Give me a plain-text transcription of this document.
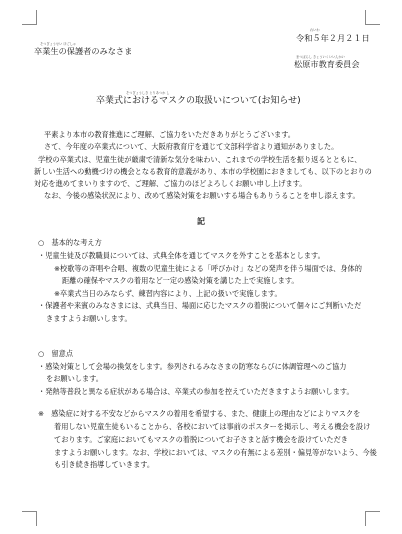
れいわ
令和５年２月２１日
そつぎょうせい ほごしゃ
卒業生の保護者のみなさま
まつばらし きょういくいいんかい
松原市教育委員会
そつぎょうしき とりあつか し
卒業式におけるマスクの取扱いについて(お知らせ)
平素より本市の教育推進にご理解、ご協力をいただきありがとうございます。
さて、今年度の卒業式について、大阪府教育庁を通じて文部科学省より通知がありました。
学校の卒業式は、児童生徒が厳粛で清新な気分を味わい、これまでの学校生活を振り返るとともに、
新しい生活への動機づけの機会となる教育的意義があり、本市の学校園におきましても、以下のとおりの
対応を進めてまいりますので、ご理解、ご協力のほどよろしくお願い申し上げます。
なお、今後の感染状況により、改めて感染対策をお願いする場合もありうることを申し添えます。
記
○　基本的な考え方
・児童生徒及び教職員については、式典全体を通じてマスクを外すことを基本とします。
※校歌等の斉唱や合唱、複数の児童生徒による「呼びかけ」などの発声を伴う場面では、身体的
距離の確保やマスクの着用など一定の感染対策を講じた上で実施します。
※卒業式当日のみならず、練習内容により、上記の扱いで実施します。
・保護者や来賓のみなさまには、式典当日、場面に応じたマスクの着脱について個々にご判断いただ
きますようお願いします。
○　留意点
・感染対策として会場の換気をします。参列されるみなさまの防寒ならびに体調管理へのご協力
をお願いします。
・発熱等普段と異なる症状がある場合は、卒業式の参加を控えていただきますようお願いします。
※　感染症に対する不安などからマスクの着用を希望する、また、健康上の理由などによりマスクを
着用しない児童生徒もいることから、各校においては事前のポスターを掲示し、考える機会を設け
ております。ご家庭においてもマスクの着脱についてお子さまと話す機会を設けていただき
ますようお願いします。なお、学校においては、マスクの有無による差別・偏見等がないよう、今後
も引き続き指導していきます。
